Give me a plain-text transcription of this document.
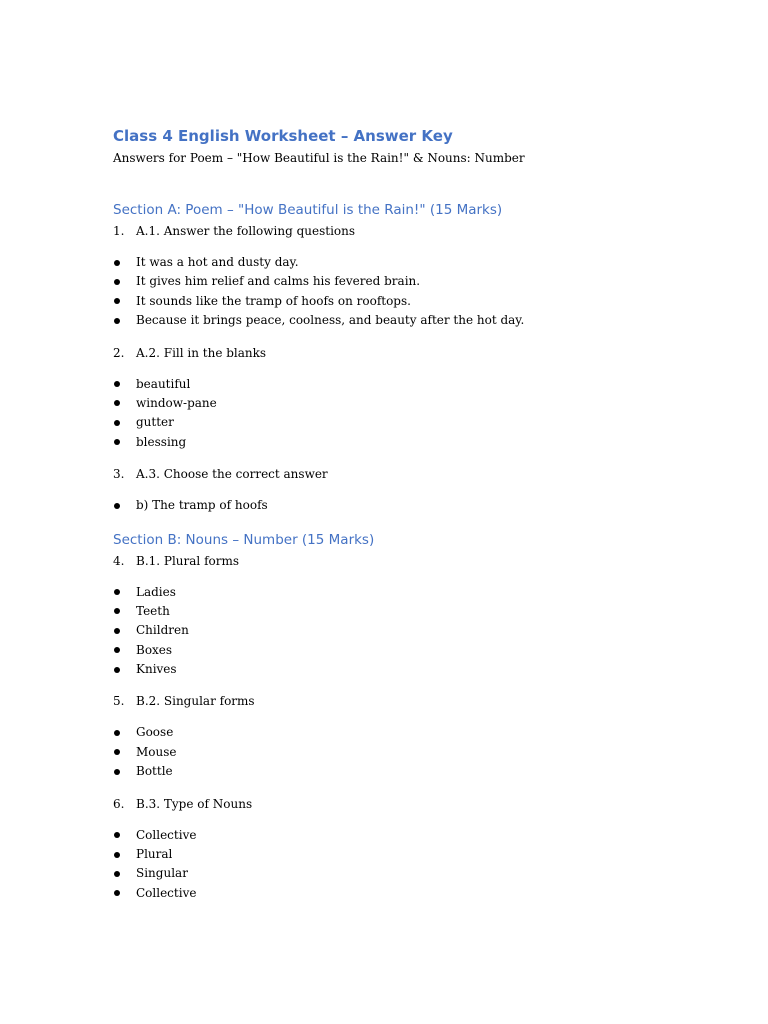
Class 4 English Worksheet – Answer Key
Answers for Poem – "How Beautiful is the Rain!" & Nouns: Number
Section A: Poem – "How Beautiful is the Rain!" (15 Marks)
1. A.1. Answer the following questions
It was a hot and dusty day.
It gives him relief and calms his fevered brain.
It sounds like the tramp of hoofs on rooftops.
Because it brings peace, coolness, and beauty after the hot day.
2. A.2. Fill in the blanks
beautiful
window-pane
gutter
blessing
3. A.3. Choose the correct answer
b) The tramp of hoofs
Section B: Nouns – Number (15 Marks)
4. B.1. Plural forms
Ladies
Teeth
Children
Boxes
Knives
5. B.2. Singular forms
Goose
Mouse
Bottle
6. B.3. Type of Nouns
Collective
Plural
Singular
Collective
